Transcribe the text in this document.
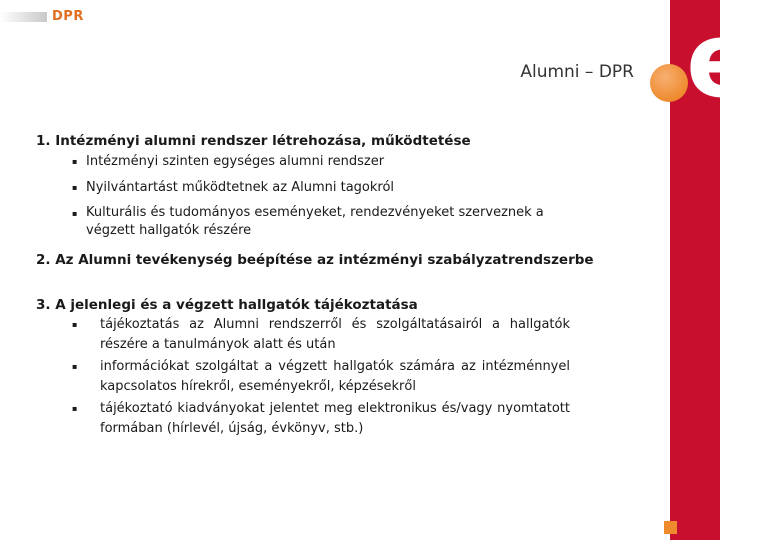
DPR	e
Alumni – DPR

1. Intézményi alumni rendszer létrehozása, működtetése

▪ Intézményi szinten egységes alumni rendszer
▪ Nyilvántartást működtetnek az Alumni tagokról
▪ Kulturális és tudományos eseményeket, rendezvényeket szerveznek a végzett hallgatók részére

2. Az Alumni tevékenység beépítése az intézményi szabályzatrendszerbe

3. A jelenlegi és a végzett hallgatók tájékoztatása

▪ tájékoztatás az Alumni rendszerről és szolgáltatásairól a hallgatók részére a tanulmányok alatt és után
▪ információkat szolgáltat a végzett hallgatók számára az intézménnyel kapcsolatos hírekről, eseményekről, képzésekről
▪ tájékoztató kiadványokat jelentet meg elektronikus és/vagy nyomtatott formában (hírlevél, újság, évkönyv, stb.)
